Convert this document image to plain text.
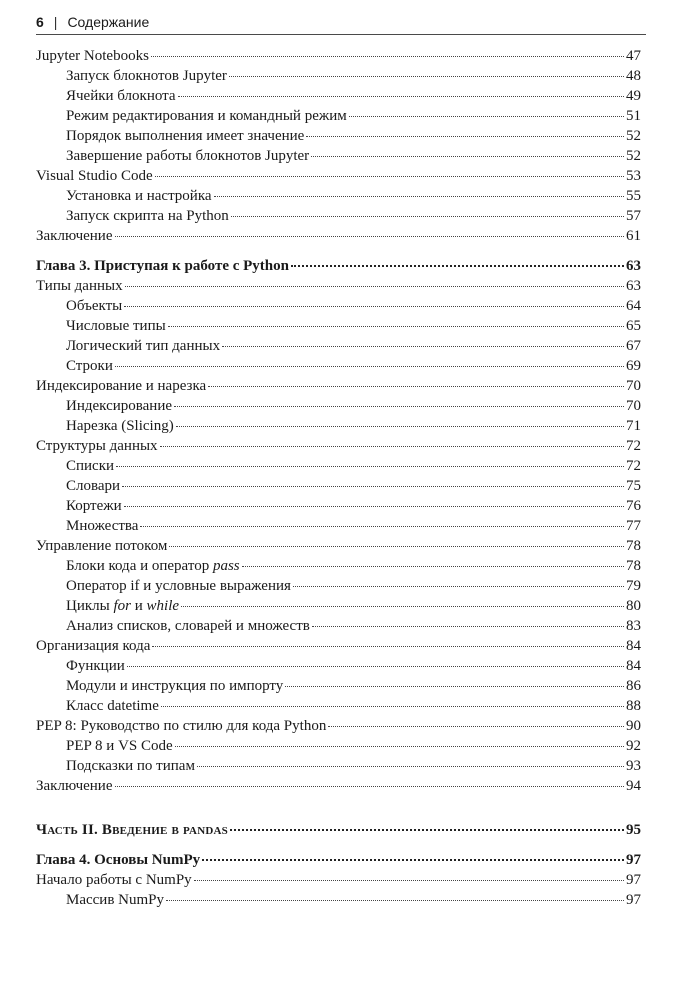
6 | Содержание
Jupyter Notebooks	47
Запуск блокнотов Jupyter	48
Ячейки блокнота	49
Режим редактирования и командный режим	51
Порядок выполнения имеет значение	52
Завершение работы блокнотов Jupyter	52
Visual Studio Code	53
Установка и настройка	55
Запуск скрипта на Python	57
Заключение	61
Глава 3. Приступая к работе с Python	63
Типы данных	63
Объекты	64
Числовые типы	65
Логический тип данных	67
Строки	69
Индексирование и нарезка	70
Индексирование	70
Нарезка (Slicing)	71
Структуры данных	72
Списки	72
Словари	75
Кортежи	76
Множества	77
Управление потоком	78
Блоки кода и оператор pass	78
Оператор if и условные выражения	79
Циклы for и while	80
Анализ списков, словарей и множеств	83
Организация кода	84
Функции	84
Модули и инструкция по импорту	86
Класс datetime	88
PEP 8: Руководство по стилю для кода Python	90
PEP 8 и VS Code	92
Подсказки по типам	93
Заключение	94
Часть II. Введение в pandas	95
Глава 4. Основы NumPy	97
Начало работы с NumPy	97
Массив NumPy	97
